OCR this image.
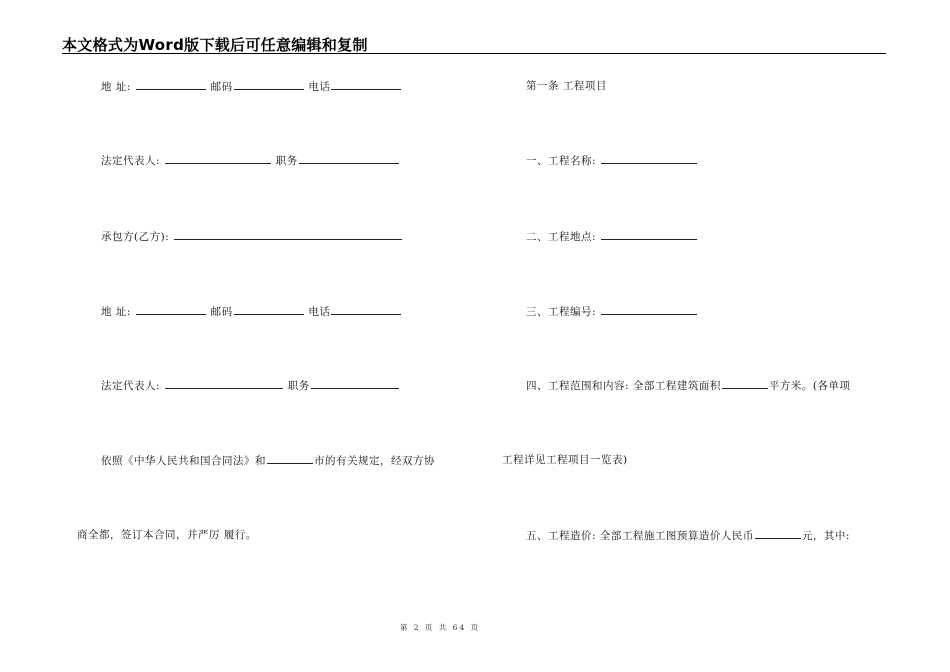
本文格式为Word版下载后可任意编辑和复制
地 址:	邮码	电话
法定代表人:	职务
承包方(乙方):
地 址:	邮码	电话
法定代表人:	职务
依照《中华人民共和国合同法》和	市的有关规定，经双方协
商全都，签订本合同，并严厉 履行。
第一条 工程项目
一、工程名称:
二、工程地点:
三、工程编号:
四、工程范围和内容: 全部工程建筑面积	平方米。(各单项
工程详见工程项目一览表)
五、工程造价: 全部工程施工图预算造价人民币	元，其中:
第 2 页 共 64 页
